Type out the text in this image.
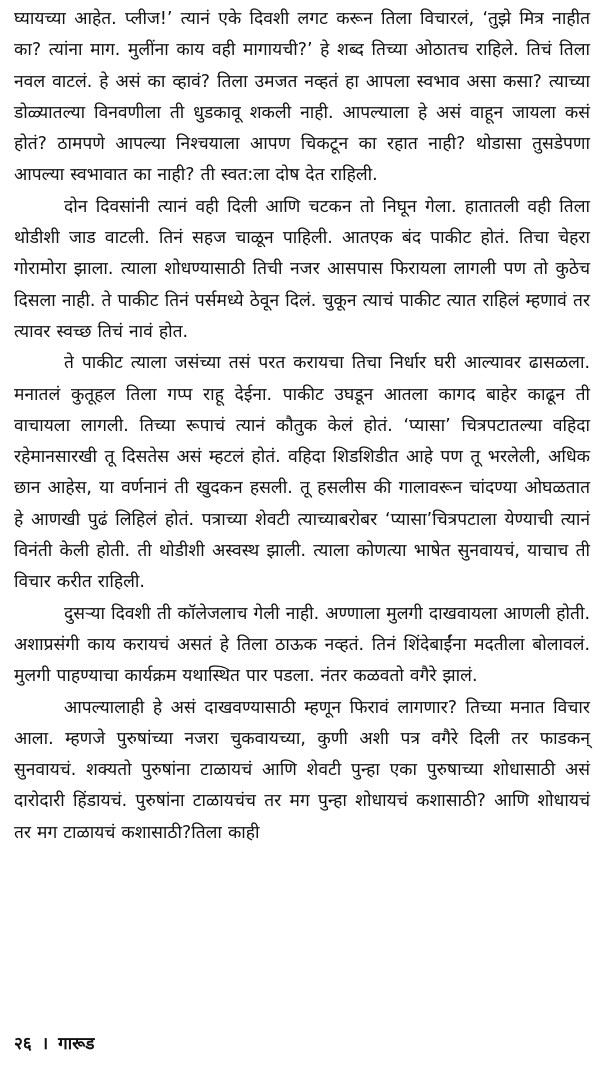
घ्यायच्या आहेत. प्लीज!’ त्यानं एके दिवशी लगट करून तिला विचारलं, ‘तुझे मित्र नाहीत का? त्यांना माग. मुलींना काय वही मागायची?’ हे शब्द तिच्या ओठातच राहिले. तिचं तिला नवल वाटलं. हे असं का व्हावं? तिला उमजत नव्हतं हा आपला स्वभाव असा कसा? त्याच्या डोळ्यातल्या विनवणीला ती धुडकावू शकली नाही. आपल्याला हे असं वाहून जायला कसं होतं? ठामपणे आपल्या निश्चयाला आपण चिकटून का रहात नाही? थोडासा तुसडेपणा आपल्या स्वभावात का नाही? ती स्वत:ला दोष देत राहिली.

दोन दिवसांनी त्यानं वही दिली आणि चटकन तो निघून गेला. हातातली वही तिला थोडीशी जाड वाटली. तिनं सहज चाळून पाहिली. आतएक बंद पाकीट होतं. तिचा चेहरा गोरामोरा झाला. त्याला शोधण्यासाठी तिची नजर आसपास फिरायला लागली पण तो कुठेच दिसला नाही. ते पाकीट तिनं पर्समध्ये ठेवून दिलं. चुकून त्याचं पाकीट त्यात राहिलं म्हणावं तर त्यावर स्वच्छ तिचं नावं होत.

ते पाकीट त्याला जसंच्या तसं परत करायचा तिचा निर्धार घरी आल्यावर ढासळला. मनातलं कुतूहल तिला गप्प राहू देईना. पाकीट उघडून आतला कागद बाहेर काढून ती वाचायला लागली. तिच्या रूपाचं त्यानं कौतुक केलं होतं. ‘प्यासा’ चित्रपटातल्या वहिदा रहेमानसारखी तू दिसतेस असं म्हटलं होतं. वहिदा शिडशिडीत आहे पण तू भरलेली, अधिक छान आहेस, या वर्णनानं ती खुदकन हसली. तू हसलीस की गालावरून चांदण्या ओघळतात हे आणखी पुढं लिहिलं होतं. पत्राच्या शेवटी त्याच्याबरोबर ‘प्यासा’चित्रपटाला येण्याची त्यानं विनंती केली होती. ती थोडीशी अस्वस्थ झाली. त्याला कोणत्या भाषेत सुनवायचं, याचाच ती विचार करीत राहिली.

दुसऱ्या दिवशी ती कॉलेजलाच गेली नाही. अण्णाला मुलगी दाखवायला आणली होती. अशाप्रसंगी काय करायचं असतं हे तिला ठाऊक नव्हतं. तिनं शिंदेबाईंना मदतीला बोलावलं. मुलगी पाहण्याचा कार्यक्रम यथास्थित पार पडला. नंतर कळवतो वगैरे झालं.

आपल्यालाही हे असं दाखवण्यासाठी म्हणून फिरावं लागणार? तिच्या मनात विचार आला. म्हणजे पुरुषांच्या नजरा चुकवायच्या, कुणी अशी पत्र वगैरे दिली तर फाडकन् सुनवायचं. शक्यतो पुरुषांना टाळायचं आणि शेवटी पुन्हा एका पुरुषाच्या शोधासाठी असं दारोदारी हिंडायचं. पुरुषांना टाळायचंच तर मग पुन्हा शोधायचं कशासाठी? आणि शोधायचं तर मग टाळायचं कशासाठी?तिला काही

२६ । गारूड
